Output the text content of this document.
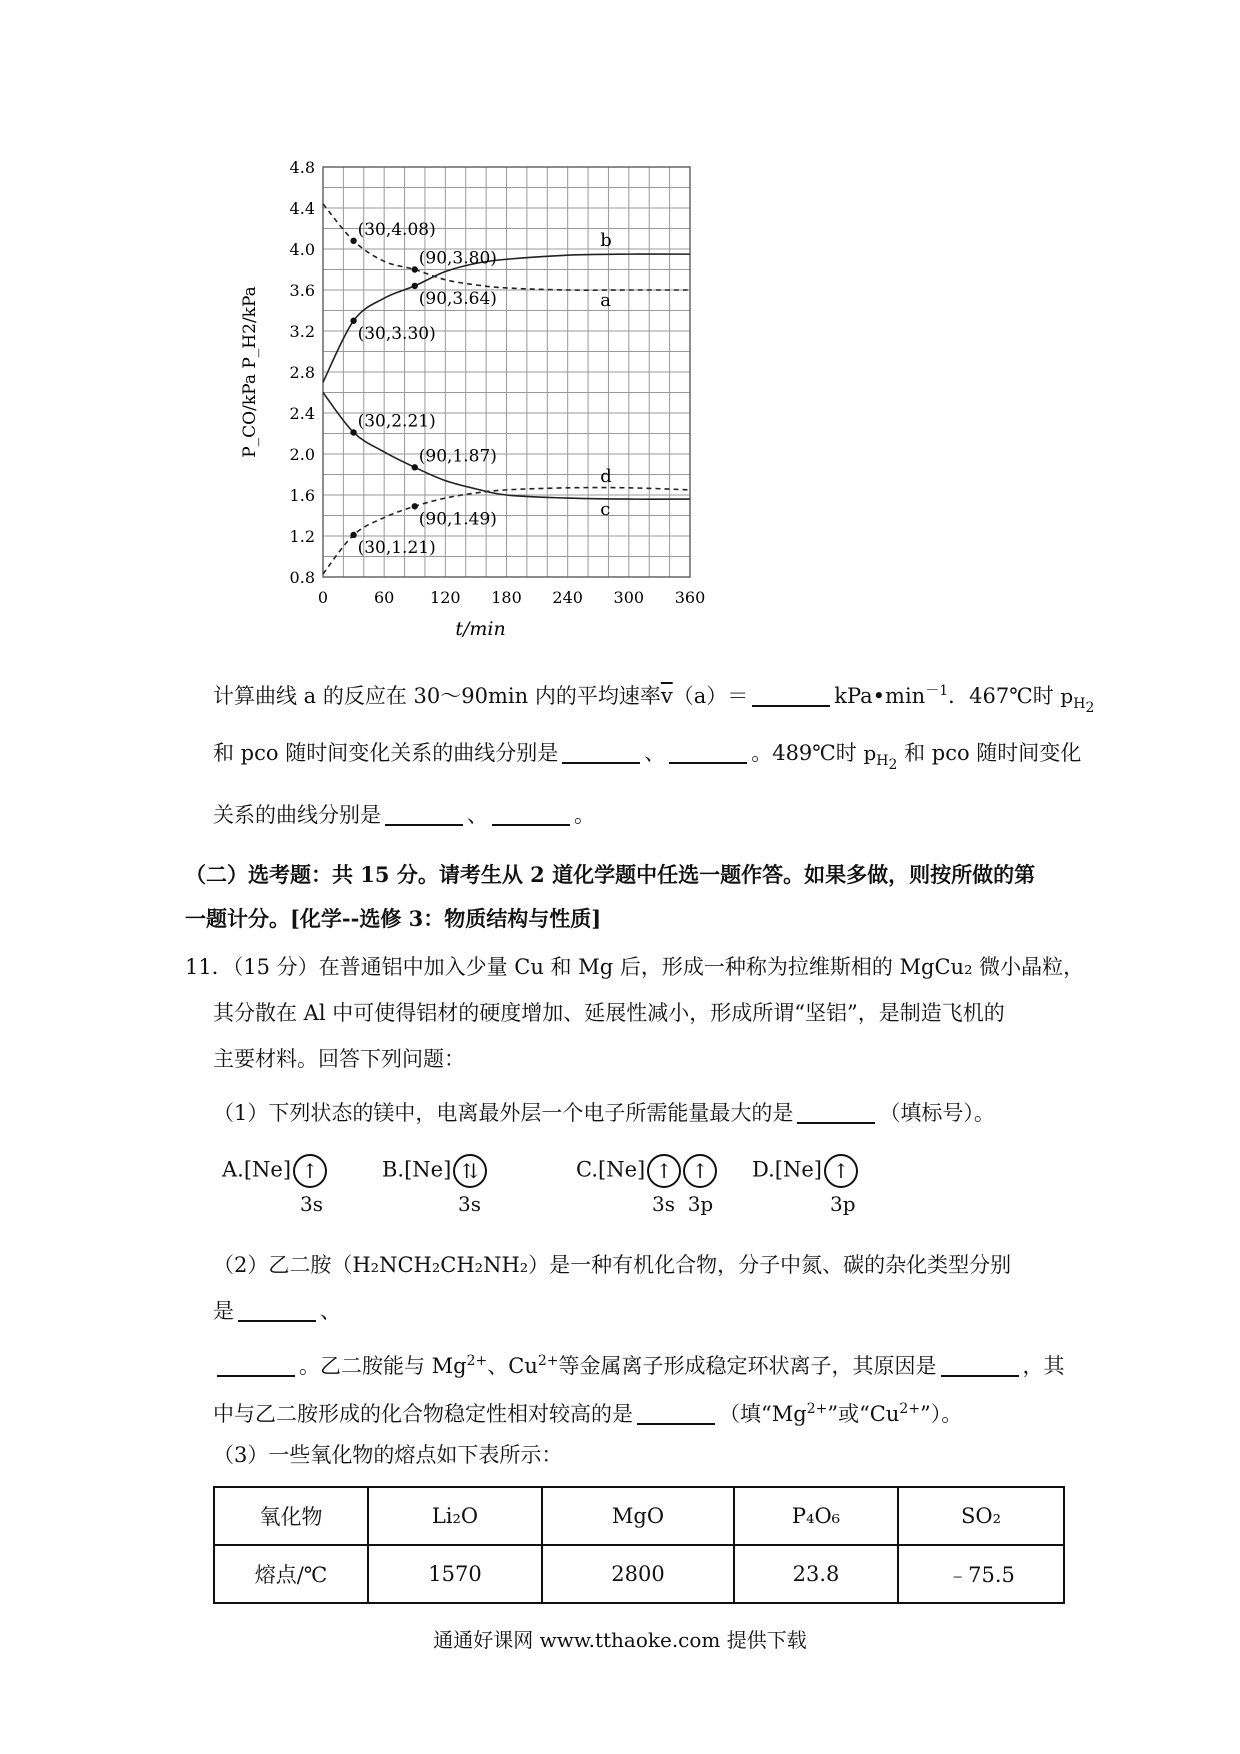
0.8
1.2
1.6
2.0
2.4
2.8
3.2
3.6
4.0
4.4
4.8
0	60 120 180 240 300 360
t/min
P_CO/kPa P_H2/kPa	a
b
c
d
(30,4.08)
(90,3.80)
(90,3.64)
(30,3.30)
(30,2.21)
(90,1.87)
(90,1.49)
(30,1.21)
计算曲线 a 的反应在 30～90min 内的平均速率$\overline{v}(a)=$	$kPa•\min^{-1}$．467℃时 $p_{H_2}$
和 pco 随时间变化关系的曲线分别是	、	。489℃时 $p_{H_2}$ 和 pco 随时间变化
关系的曲线分别是	、	。
（二）选考题：共 15 分。请考生从 2 道化学题中任选一题作答。如果多做，则按所做的第
一题计分。[化学--选修 3：物质结构与性质]
11．（15 分）在普通铝中加入少量 Cu 和 Mg 后，形成一种称为拉维斯相的 MgCu₂ 微小晶粒，
其分散在 Al 中可使得铝材的硬度增加、延展性减小，形成所谓“坚铝”，是制造飞机的
主要材料。回答下列问题：
（1）下列状态的镁中，电离最外层一个电子所需能量最大的是	（填标号）。
A.[Ne] ↑
3s
B.[Ne] ⇅
3s
C.[Ne] ↑ ↑
3s  3p
D.[Ne] ↑
3p
（2）乙二胺（H₂NCH₂CH₂NH₂）是一种有机化合物，分子中氮、碳的杂化类型分别
是	、
。乙二胺能与 $Mg^{2+}$、$Cu^{2+}$等金属离子形成稳定环状离子，其原因是	，其
中与乙二胺形成的化合物稳定性相对较高的是	（填“$Mg^{2+}$”或“$Cu^{2+}$”）。
（3）一些氧化物的熔点如下表所示：
氧化物	Li₂O	MgO	P₄O₆	SO₂
熔点/℃	1570	2800	23.8	﹣75.5
通通好课网 www.tthaoke.com 提供下载
